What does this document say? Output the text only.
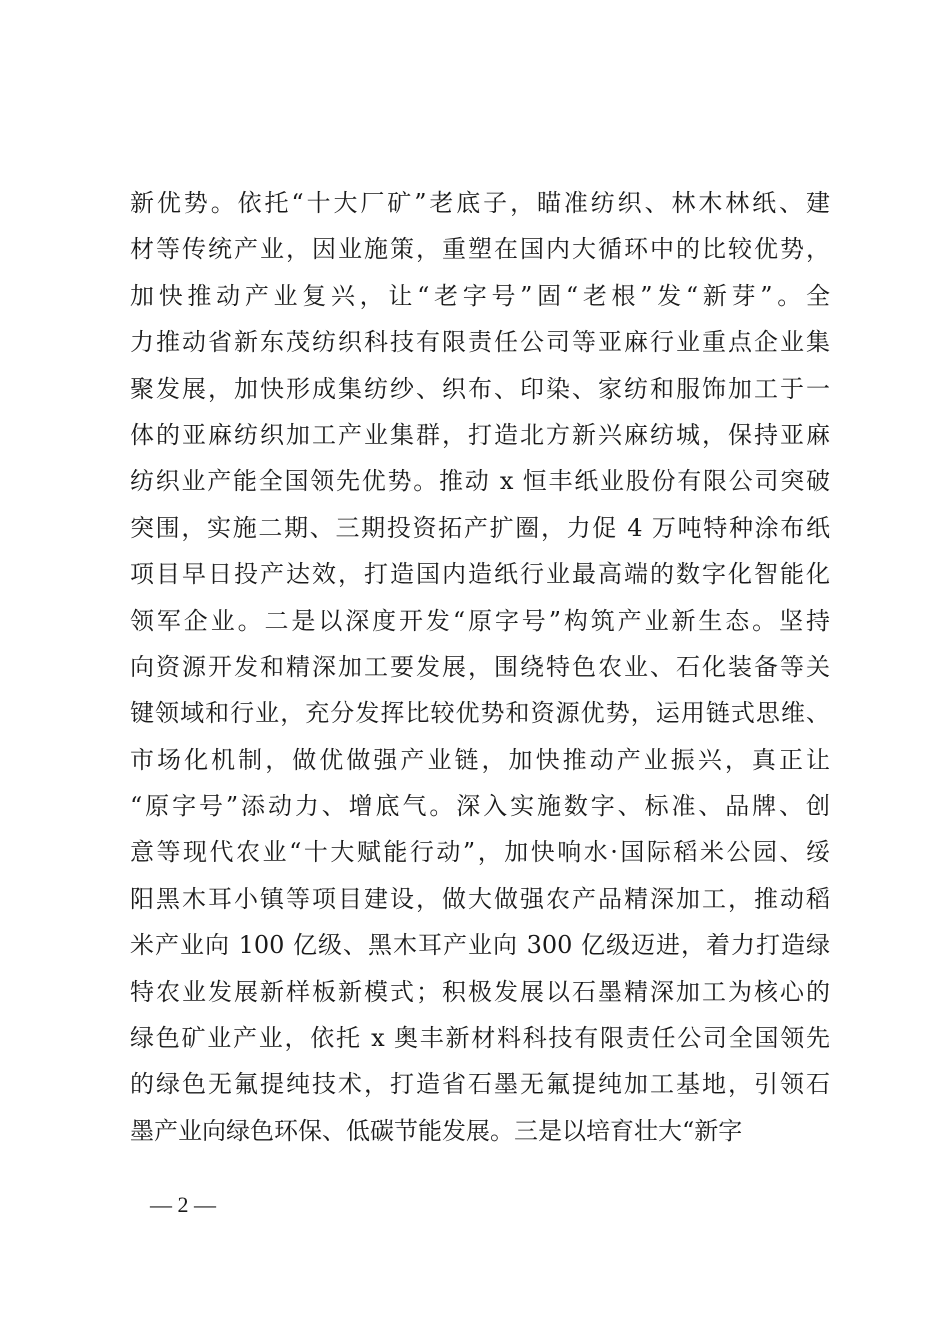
新优势。依托“十大厂矿”老底子，瞄准纺织、林木林纸、建
材等传统产业，因业施策，重塑在国内大循环中的比较优势，
加快推动产业复兴，让“老字号”固“老根”发“新芽”。全
力推动省新东茂纺织科技有限责任公司等亚麻行业重点企业集
聚发展，加快形成集纺纱、织布、印染、家纺和服饰加工于一
体的亚麻纺织加工产业集群，打造北方新兴麻纺城，保持亚麻
纺织业产能全国领先优势。推动 x 恒丰纸业股份有限公司突破
突围，实施二期、三期投资拓产扩圈，力促 4 万吨特种涂布纸
项目早日投产达效，打造国内造纸行业最高端的数字化智能化
领军企业。二是以深度开发“原字号”构筑产业新生态。坚持
向资源开发和精深加工要发展，围绕特色农业、石化装备等关
键领域和行业，充分发挥比较优势和资源优势，运用链式思维、
市场化机制，做优做强产业链，加快推动产业振兴，真正让
“原字号”添动力、增底气。深入实施数字、标准、品牌、创
意等现代农业“十大赋能行动”，加快响水·国际稻米公园、绥
阳黑木耳小镇等项目建设，做大做强农产品精深加工，推动稻
米产业向 100 亿级、黑木耳产业向 300 亿级迈进，着力打造绿
特农业发展新样板新模式；积极发展以石墨精深加工为核心的
绿色矿业产业，依托 x 奥丰新材料科技有限责任公司全国领先
的绿色无氟提纯技术，打造省石墨无氟提纯加工基地，引领石
墨产业向绿色环保、低碳节能发展。三是以培育壮大“新字
— 2 —
